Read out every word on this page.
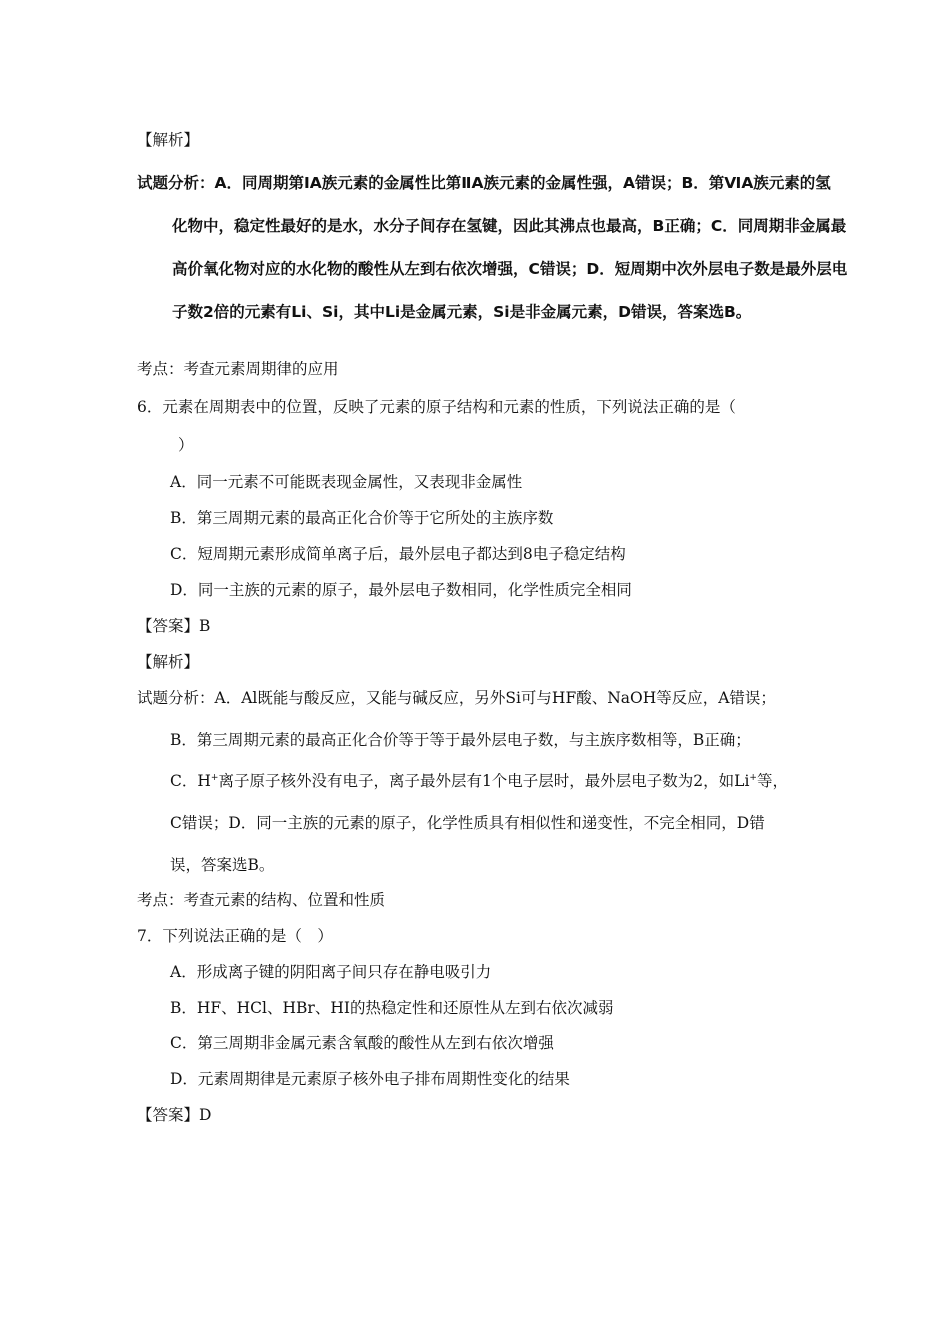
【解析】
试题分析：A．同周期第ⅠA族元素的金属性比第ⅡA族元素的金属性强，A错误；B．第ⅥA族元素的氢
化物中，稳定性最好的是水，水分子间存在氢键，因此其沸点也最高，B正确；C．同周期非金属最
高价氧化物对应的水化物的酸性从左到右依次增强，C错误；D．短周期中次外层电子数是最外层电
子数2倍的元素有Li、Si，其中Li是金属元素，Si是非金属元素，D错误，答案选B。
考点：考查元素周期律的应用
6．元素在周期表中的位置，反映了元素的原子结构和元素的性质，下列说法正确的是（
）
A．同一元素不可能既表现金属性，又表现非金属性
B．第三周期元素的最高正化合价等于它所处的主族序数
C．短周期元素形成简单离子后，最外层电子都达到8电子稳定结构
D．同一主族的元素的原子，最外层电子数相同，化学性质完全相同
【答案】B
【解析】
试题分析：A．Al既能与酸反应，又能与碱反应，另外Si可与HF酸、NaOH等反应，A错误；
B．第三周期元素的最高正化合价等于等于最外层电子数，与主族序数相等，B正确；
C．H+离子原子核外没有电子，离子最外层有1个电子层时，最外层电子数为2，如Li+等，
C错误；D．同一主族的元素的原子，化学性质具有相似性和递变性，不完全相同，D错
误，答案选B。
考点：考查元素的结构、位置和性质
7．下列说法正确的是（　）
A．形成离子键的阴阳离子间只存在静电吸引力
B．HF、HCl、HBr、HI的热稳定性和还原性从左到右依次减弱
C．第三周期非金属元素含氧酸的酸性从左到右依次增强
D．元素周期律是元素原子核外电子排布周期性变化的结果
【答案】D
